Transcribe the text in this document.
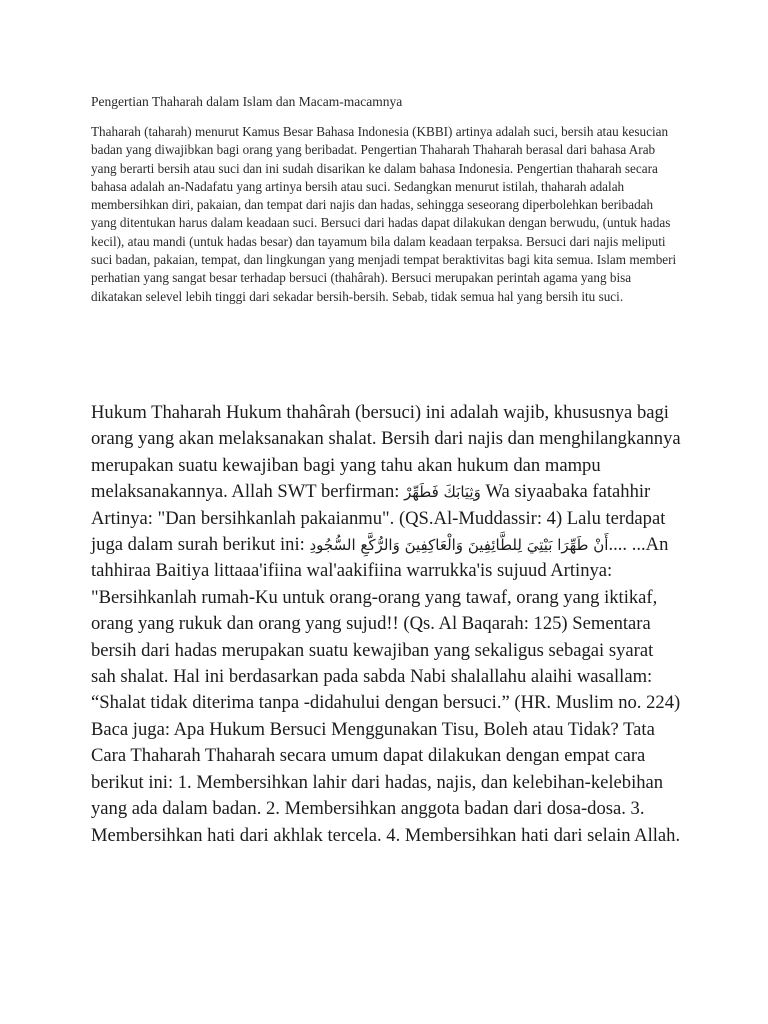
Pengertian Thaharah dalam Islam dan Macam-macamnya

Thaharah (taharah) menurut Kamus Besar Bahasa Indonesia (KBBI) artinya adalah suci, bersih atau kesucian badan yang diwajibkan bagi orang yang beribadat. Pengertian Thaharah Thaharah berasal dari bahasa Arab yang berarti bersih atau suci dan ini sudah disarikan ke dalam bahasa Indonesia. Pengertian thaharah secara bahasa adalah an-Nadafatu yang artinya bersih atau suci. Sedangkan menurut istilah, thaharah adalah membersihkan diri, pakaian, dan tempat dari najis dan hadas, sehingga seseorang diperbolehkan beribadah yang ditentukan harus dalam keadaan suci. Bersuci dari hadas dapat dilakukan dengan berwudu, (untuk hadas kecil), atau mandi (untuk hadas besar) dan tayamum bila dalam keadaan terpaksa. Bersuci dari najis meliputi suci badan, pakaian, tempat, dan lingkungan yang menjadi tempat beraktivitas bagi kita semua. Islam memberi perhatian yang sangat besar terhadap bersuci (thahârah). Bersuci merupakan perintah agama yang bisa dikatakan selevel lebih tinggi dari sekadar bersih-bersih. Sebab, tidak semua hal yang bersih itu suci.

Hukum Thaharah Hukum thahârah (bersuci) ini adalah wajib, khususnya bagi orang yang akan melaksanakan shalat. Bersih dari najis dan menghilangkannya merupakan suatu kewajiban bagi yang tahu akan hukum dan mampu melaksanakannya. Allah SWT berfirman: وَثِيَابَكَ فَطَهِّرْ Wa siyaabaka fatahhir Artinya: "Dan bersihkanlah pakaianmu". (QS.Al-Muddassir: 4) Lalu terdapat juga dalam surah berikut ini: أَنْ طَهِّرَا بَيْتِيَ لِلطَّائِفِينَ وَالْعَاكِفِينَ وَالرُّكَّعِ السُّجُودِ.... ...An tahhiraa Baitiya littaaa'ifiina wal'aakifiina warrukka'is sujuud Artinya: "Bersihkanlah rumah-Ku untuk orang-orang yang tawaf, orang yang iktikaf, orang yang rukuk dan orang yang sujud!! (Qs. Al Baqarah: 125) Sementara bersih dari hadas merupakan suatu kewajiban yang sekaligus sebagai syarat sah shalat. Hal ini berdasarkan pada sabda Nabi shalallahu alaihi wasallam: “Shalat tidak diterima tanpa -didahului dengan bersuci.” (HR. Muslim no. 224) Baca juga: Apa Hukum Bersuci Menggunakan Tisu, Boleh atau Tidak? Tata Cara Thaharah Thaharah secara umum dapat dilakukan dengan empat cara berikut ini: 1. Membersihkan lahir dari hadas, najis, dan kelebihan-kelebihan yang ada dalam badan. 2. Membersihkan anggota badan dari dosa-dosa. 3. Membersihkan hati dari akhlak tercela. 4. Membersihkan hati dari selain Allah.
